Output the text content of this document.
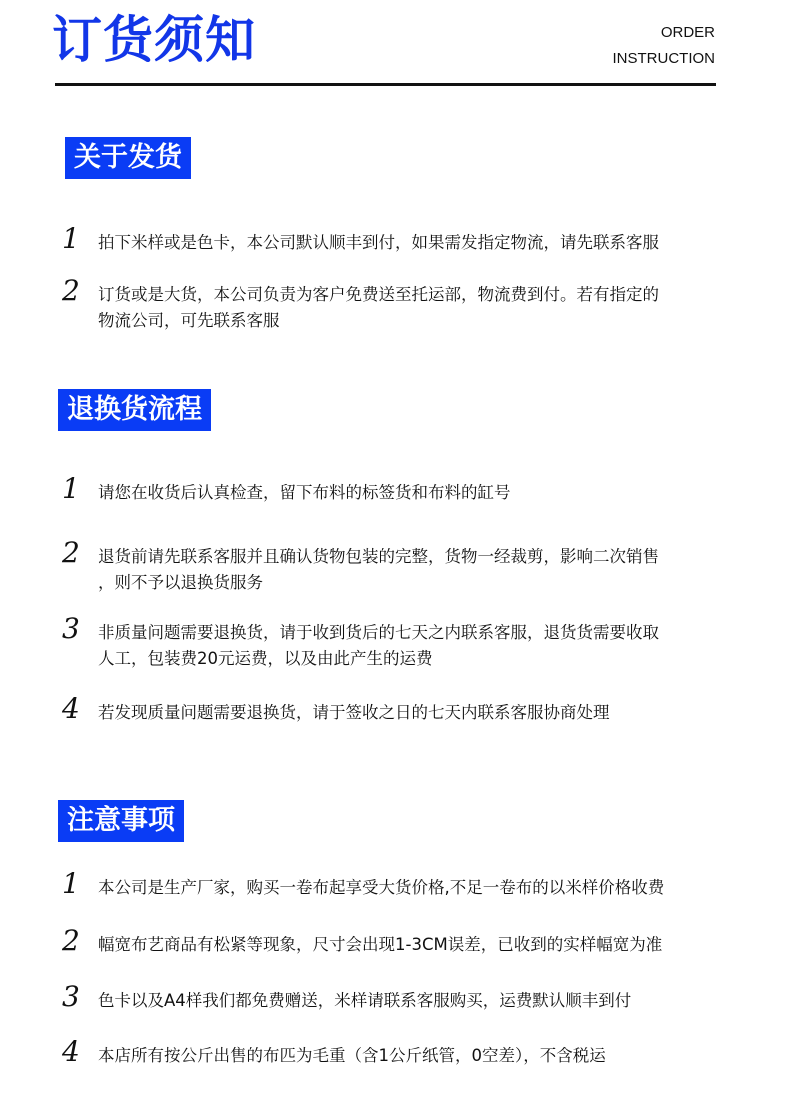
订货须知	ORDER
INSTRUCTION
关于发货
1 拍下米样或是色卡，本公司默认顺丰到付，如果需发指定物流，请先联系客服
2 订货或是大货，本公司负责为客户免费送至托运部，物流费到付。若有指定的
物流公司，可先联系客服
退换货流程
1 请您在收货后认真检查，留下布料的标签货和布料的缸号
2 退货前请先联系客服并且确认货物包装的完整，货物一经裁剪，影响二次销售
，则不予以退换货服务
3 非质量问题需要退换货，请于收到货后的七天之内联系客服，退货货需要收取
人工，包装费20元运费，以及由此产生的运费
4 若发现质量问题需要退换货，请于签收之日的七天内联系客服协商处理
注意事项
1 本公司是生产厂家，购买一卷布起享受大货价格,不足一卷布的以米样价格收费
2 幅宽布艺商品有松紧等现象，尺寸会出现1-3CM误差，已收到的实样幅宽为准
3 色卡以及A4样我们都免费赠送，米样请联系客服购买，运费默认顺丰到付
4 本店所有按公斤出售的布匹为毛重（含1公斤纸管，0空差），不含税运
